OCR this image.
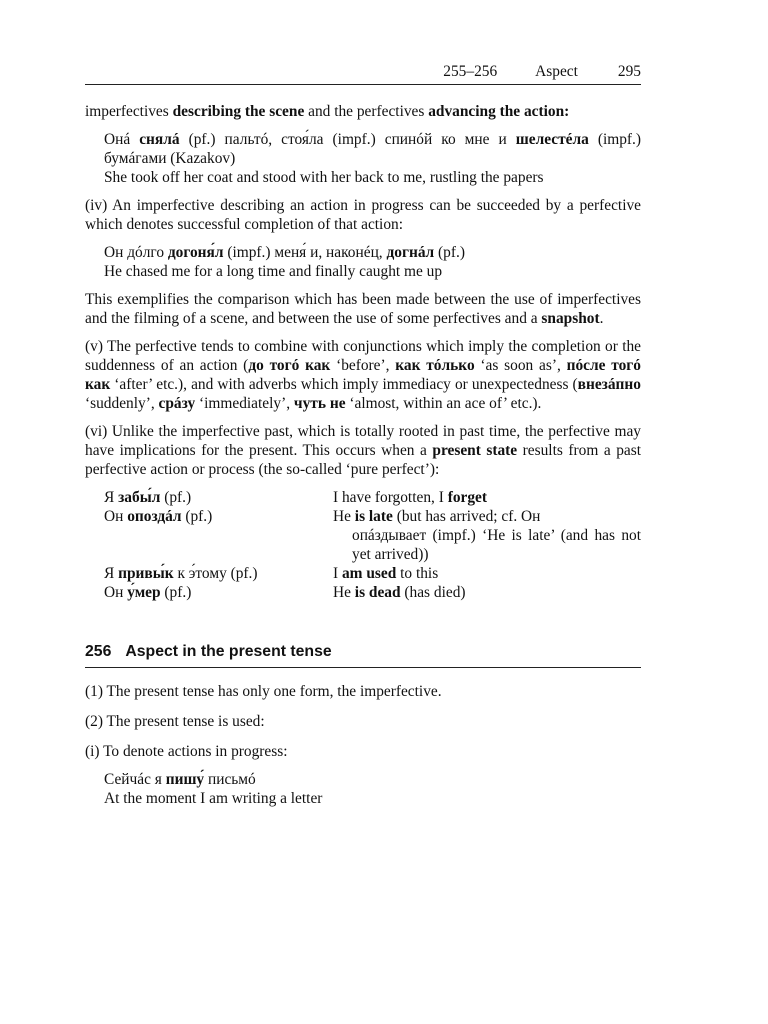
255–256 Aspect	295

imperfectives describing the scene and the perfectives advancing the action:

Онá снялá (pf.) пальтó, стоя́ла (impf.) спинóй ко мне и шелестéла (impf.) бумáгами (Kazakov)

She took off her coat and stood with her back to me, rustling the papers

(iv) An imperfective describing an action in progress can be succeeded by a perfective which denotes successful completion of that action:

Он дóлго догоня́л (impf.) меня́ и, наконéц, догнáл (pf.)

He chased me for a long time and finally caught me up

This exemplifies the comparison which has been made between the use of imperfectives and the filming of a scene, and between the use of some perfectives and a snapshot.

(v) The perfective tends to combine with conjunctions which imply the completion or the suddenness of an action (до тогó как ‘before’, как тóлько ‘as soon as’, пóсле тогó как ‘after’ etc.), and with adverbs which imply immediacy or unexpectedness (внезáпно ‘suddenly’, срáзу ‘immediately’, чуть не ‘almost, within an ace of’ etc.).

(vi) Unlike the imperfective past, which is totally rooted in past time, the perfective may have implications for the present. This occurs when a present state results from a past perfective action or process (the so-called ‘pure perfect’):

Я забы́л (pf.)	I have forgotten, I forget
Он опоздáл (pf.)	He is late (but has arrived; cf. Он
опáздывает (impf.) ‘He is late’ (and has not yet arrived))

Я привы́к к э́тому (pf.)	I am used to this
Он у́мер (pf.)	He is dead (has died)
256 Aspect in the present tense

(1) The present tense has only one form, the imperfective.

(2) The present tense is used:

(i) To denote actions in progress:

Сейчáс я пишу́ письмó

At the moment I am writing a letter
